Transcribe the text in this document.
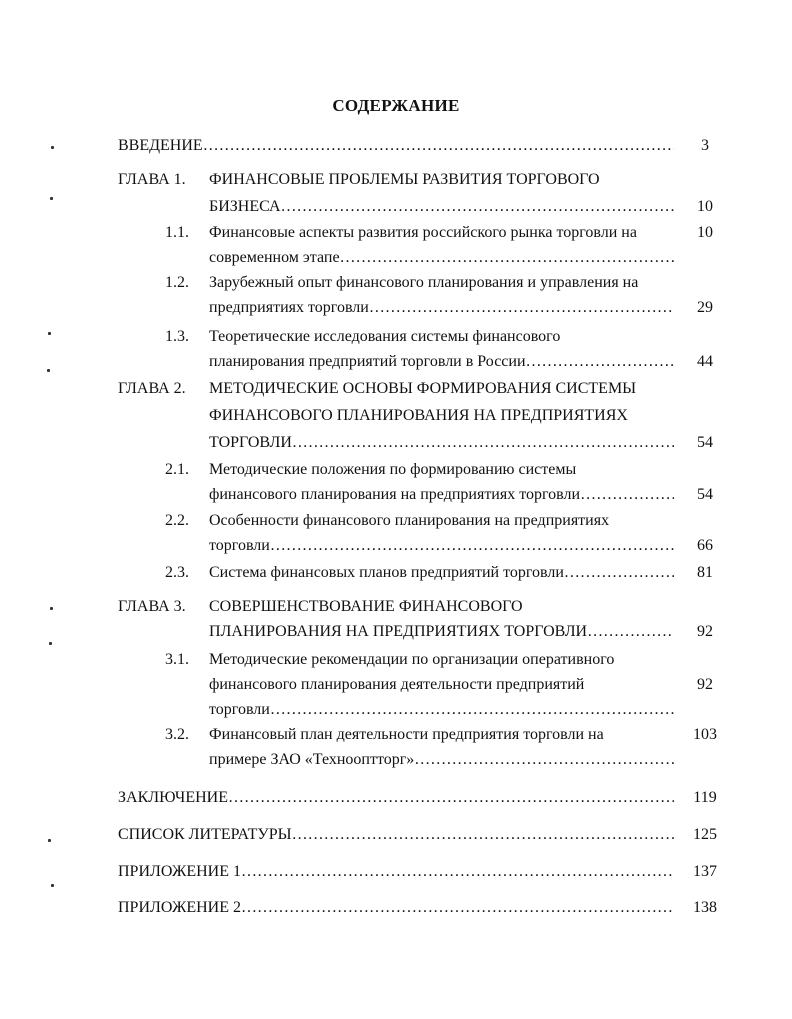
СОДЕРЖАНИЕ
ВВЕДЕНИЕ ………………………………………………………………………………………………………………………………………………………………	3
ГЛАВА 1. ФИНАНСОВЫЕ ПРОБЛЕМЫ РАЗВИТИЯ ТОРГОВОГО
БИЗНЕСА ………………………………………………………………………………………………………………………………………………………………	10
1.1. Финансовые аспекты развития российского рынка торговли на	10
современном этапе
………………………………………………………………………………………………………………………………………………………………
1.2. Зарубежный опыт финансового планирования и управления на
предприятиях торговли ………………………………………………………………………………………………………………………………………………………………	29
1.3. Теоретические исследования системы финансового
планирования предприятий торговли в России ………………………………………………………………………………………………………………………………………………………………	44
ГЛАВА 2. МЕТОДИЧЕСКИЕ ОСНОВЫ ФОРМИРОВАНИЯ СИСТЕМЫ
ФИНАНСОВОГО ПЛАНИРОВАНИЯ НА ПРЕДПРИЯТИЯХ
ТОРГОВЛИ ………………………………………………………………………………………………………………………………………………………………	54
2.1. Методические положения по формированию системы
финансового планирования на предприятиях торговли ………………………………………………………………………………………………………………………………………………………………	54
2.2. Особенности финансового планирования на предприятиях
торговли ………………………………………………………………………………………………………………………………………………………………	66
2.3. Система финансовых планов предприятий торговли ………………………………………………………………………………………………………………………………………………………………	81
ГЛАВА 3. СОВЕРШЕНСТВОВАНИЕ ФИНАНСОВОГО
ПЛАНИРОВАНИЯ НА ПРЕДПРИЯТИЯХ ТОРГОВЛИ ………………………………………………………………………………………………………………………………………………………………	92
3.1. Методические рекомендации по организации оперативного
финансового планирования деятельности предприятий	92
торговли
………………………………………………………………………………………………………………………………………………………………
3.2. Финансовый план деятельности предприятия торговли на	103
примере ЗАО «Технооптторг»
………………………………………………………………………………………………………………………………………………………………
ЗАКЛЮЧЕНИЕ ………………………………………………………………………………………………………………………………………………………………	119
СПИСОК ЛИТЕРАТУРЫ ………………………………………………………………………………………………………………………………………………………………	125
ПРИЛОЖЕНИЕ 1 ………………………………………………………………………………………………………………………………………………………………	137
ПРИЛОЖЕНИЕ 2 ………………………………………………………………………………………………………………………………………………………………	138
